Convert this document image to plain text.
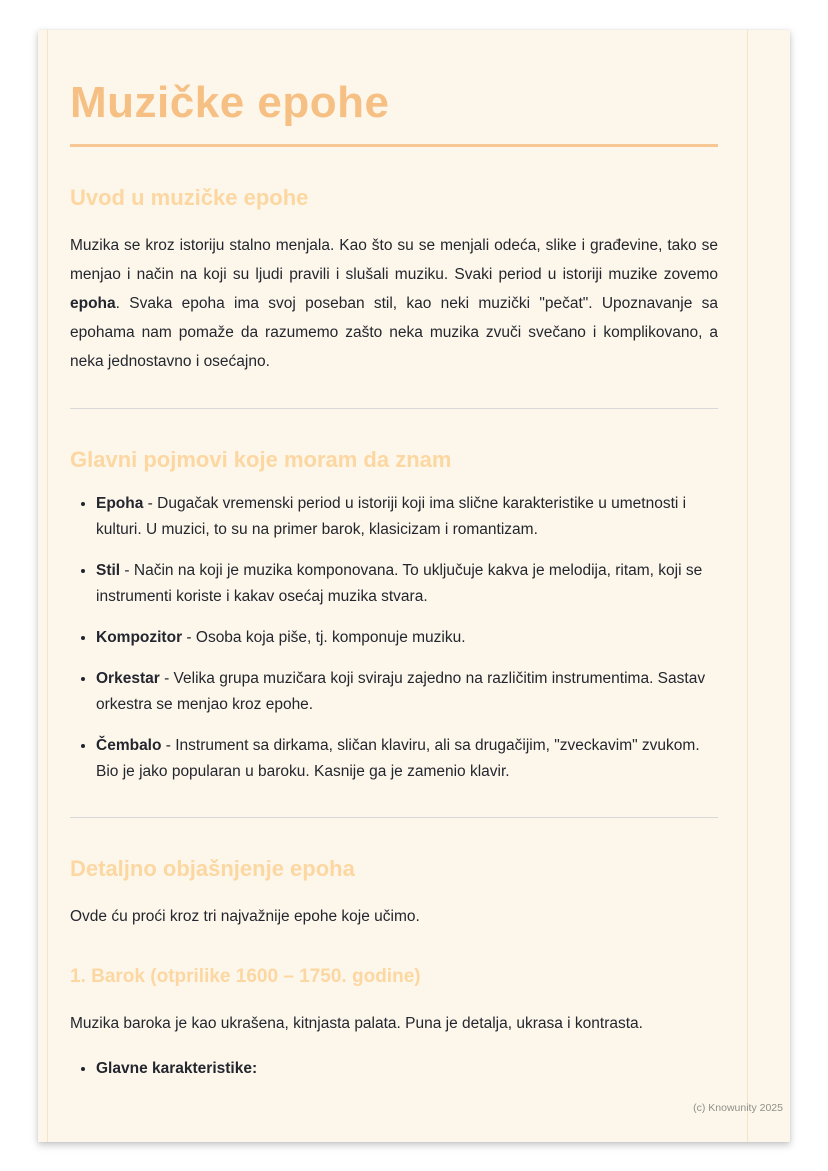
Muzičke epohe
Uvod u muzičke epohe

Muzika se kroz istoriju stalno menjala. Kao što su se menjali odeća, slike i građevine, tako se menjao i način na koji su ljudi pravili i slušali muziku. Svaki period u istoriji muzike zovemo epoha. Svaka epoha ima svoj poseban stil, kao neki muzički "pečat". Upoznavanje sa epohama nam pomaže da razumemo zašto neka muzika zvuči svečano i komplikovano, a neka jednostavno i osećajno.

Glavni pojmovi koje moram da znam
• Epoha - Dugačak vremenski period u istoriji koji ima slične karakteristike u umetnosti i kulturi. U muzici, to su na primer barok, klasicizam i romantizam.
• Stil - Način na koji je muzika komponovana. To uključuje kakva je melodija, ritam, koji se instrumenti koriste i kakav osećaj muzika stvara.
• Kompozitor - Osoba koja piše, tj. komponuje muziku.
• Orkestar - Velika grupa muzičara koji sviraju zajedno na različitim instrumentima. Sastav orkestra se menjao kroz epohe.
• Čembalo - Instrument sa dirkama, sličan klaviru, ali sa drugačijim, "zveckavim" zvukom. Bio je jako popularan u baroku. Kasnije ga je zamenio klavir.
Detaljno objašnjenje epoha

Ovde ću proći kroz tri najvažnije epohe koje učimo.

1. Barok (otprilike 1600 – 1750. godine)

Muzika baroka je kao ukrašena, kitnjasta palata. Puna je detalja, ukrasa i kontrasta.

• Glavne karakteristike:
(c) Knowunity 2025
